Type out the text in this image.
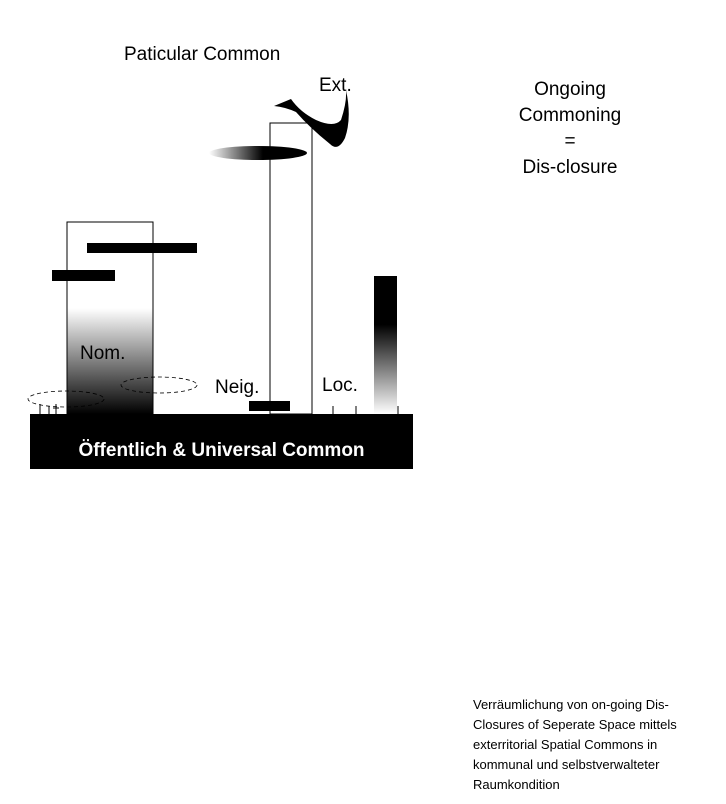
Paticular Common
Ext.	Ongoing
Commoning
=
Dis-closure
Nom.
Neig.	Loc.
Öffentlich & Universal Common
Verräumlichung von on-going Dis-
Closures of Seperate Space mittels
exterritorial Spatial Commons in
kommunal und selbstverwalteter
Raumkondition
